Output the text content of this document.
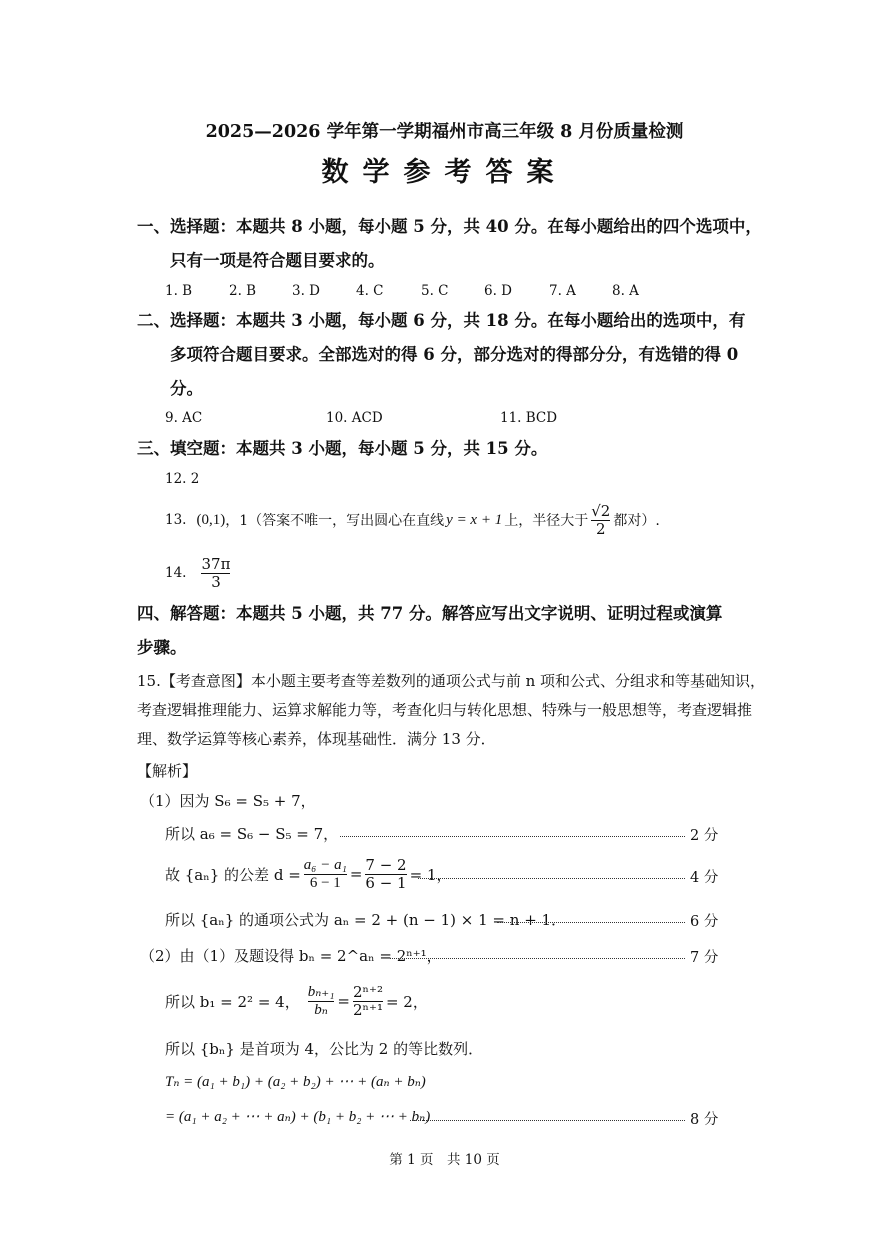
2025—2026 学年第一学期福州市高三年级 8 月份质量检测
数学参考答案
一、选择题：本题共 8 小题，每小题 5 分，共 40 分。在每小题给出的四个选项中，
只有一项是符合题目要求的。
1. B	2. B	3. D	4. C	5. C	6. D	7. A	8. A
二、选择题：本题共 3 小题，每小题 6 分，共 18 分。在每小题给出的选项中，有
多项符合题目要求。全部选对的得 6 分，部分选对的得部分分，有选错的得 0
分。
9. AC	10. ACD	11. BCD
三、填空题：本题共 3 小题，每小题 5 分，共 15 分。
12. 2
13. (0,1) ，1（答案不唯一，写出圆心在直线 y = x + 1 上，半径大于 $\frac{√2}{2}$ 都对）.
14. $\frac{37\pi}{3}$
四、解答题：本题共 5 小题，共 77 分。解答应写出文字说明、证明过程或演算
步骤。
15.【考查意图】本小题主要考查等差数列的通项公式与前 n 项和公式、分组求和等基础知识，
考查逻辑推理能力、运算求解能力等，考查化归与转化思想、特殊与一般思想等，考查逻辑推
理、数学运算等核心素养，体现基础性．满分 13 分．
【解析】
（1）因为 S₆ = S₅ + 7，
所以 a₆ = S₆ − S₅ = 7，	2 分
故 {aₙ} 的公差 $d = \frac{\text{a₆ − a₁}}{6 - 1} = \frac{7 - 2}{6 - 1} = 1$，	4 分
所以 {aₙ} 的通项公式为 aₙ = 2 + (n − 1) × 1 = n + 1．	6 分
（2）由（1）及题设得 bₙ = 2^aₙ = 2ⁿ⁺¹，	7 分
所以 b₁ = 2² = 4， $\frac{\text{bₙ₊₁}}{\text{bₙ}} = \frac{\text{2ⁿ⁺²}}{\text{2ⁿ⁺¹}} = 2$，
所以 {bₙ} 是首项为 4，公比为 2 的等比数列．
Tₙ = (a₁ + b₁) + (a₂ + b₂) + ⋯ + (aₙ + bₙ)
= (a₁ + a₂ + ⋯ + aₙ) + (b₁ + b₂ + ⋯ + bₙ)	8 分
第 1 页　共 10 页
